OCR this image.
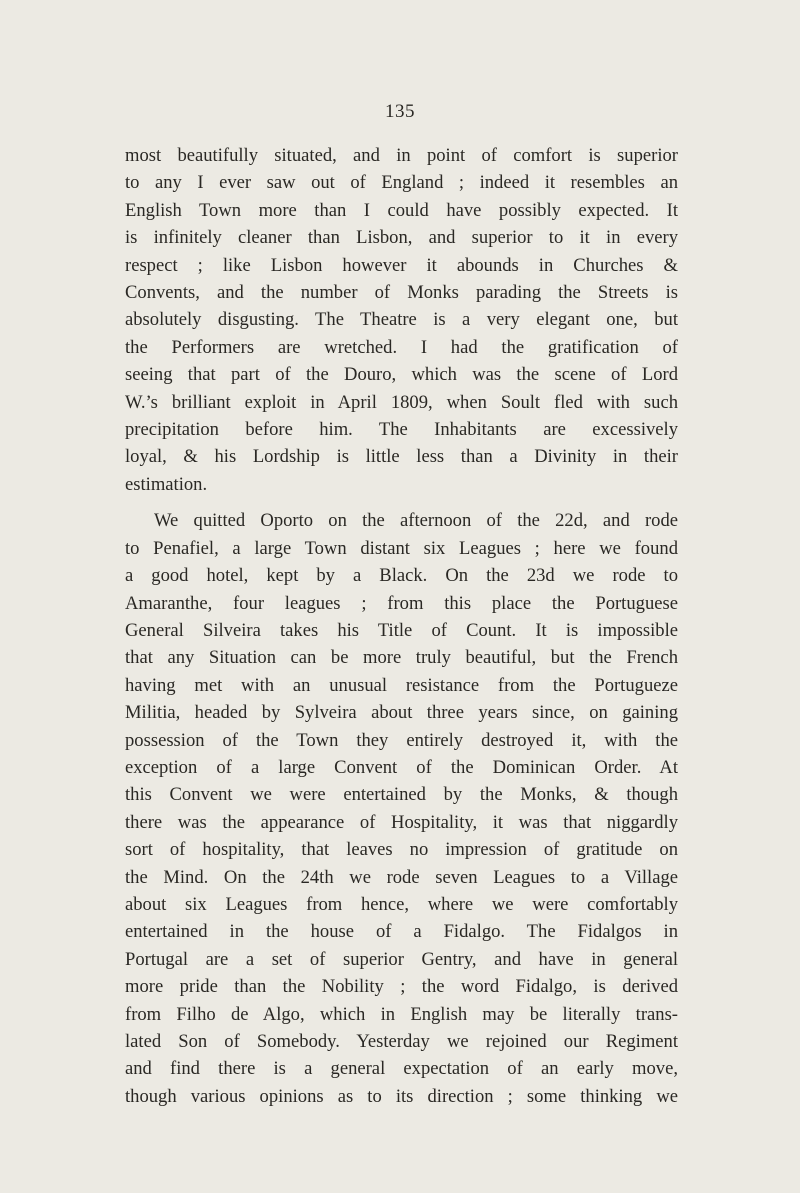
135
most beautifully situated, and in point of comfort is superior
to any I ever saw out of England ; indeed it resembles an
English Town more than I could have possibly expected. It
is infinitely cleaner than Lisbon, and superior to it in every
respect ; like Lisbon however it abounds in Churches &
Convents, and the number of Monks parading the Streets is
absolutely disgusting. The Theatre is a very elegant one, but
the Performers are wretched. I had the gratification of
seeing that part of the Douro, which was the scene of Lord
W.’s brilliant exploit in April 1809, when Soult fled with such
precipitation before him. The Inhabitants are excessively
loyal, & his Lordship is little less than a Divinity in their
estimation.
We quitted Oporto on the afternoon of the 22d, and rode
to Penafiel, a large Town distant six Leagues ; here we found
a good hotel, kept by a Black. On the 23d we rode to
Amaranthe, four leagues ; from this place the Portuguese
General Silveira takes his Title of Count. It is impossible
that any Situation can be more truly beautiful, but the French
having met with an unusual resistance from the Portugueze
Militia, headed by Sylveira about three years since, on gaining
possession of the Town they entirely destroyed it, with the
exception of a large Convent of the Dominican Order. At
this Convent we were entertained by the Monks, & though
there was the appearance of Hospitality, it was that niggardly
sort of hospitality, that leaves no impression of gratitude on
the Mind. On the 24th we rode seven Leagues to a Village
about six Leagues from hence, where we were comfortably
entertained in the house of a Fidalgo. The Fidalgos in
Portugal are a set of superior Gentry, and have in general
more pride than the Nobility ; the word Fidalgo, is derived
from Filho de Algo, which in English may be literally trans-
lated Son of Somebody. Yesterday we rejoined our Regiment
and find there is a general expectation of an early move,
though various opinions as to its direction ; some thinking we
